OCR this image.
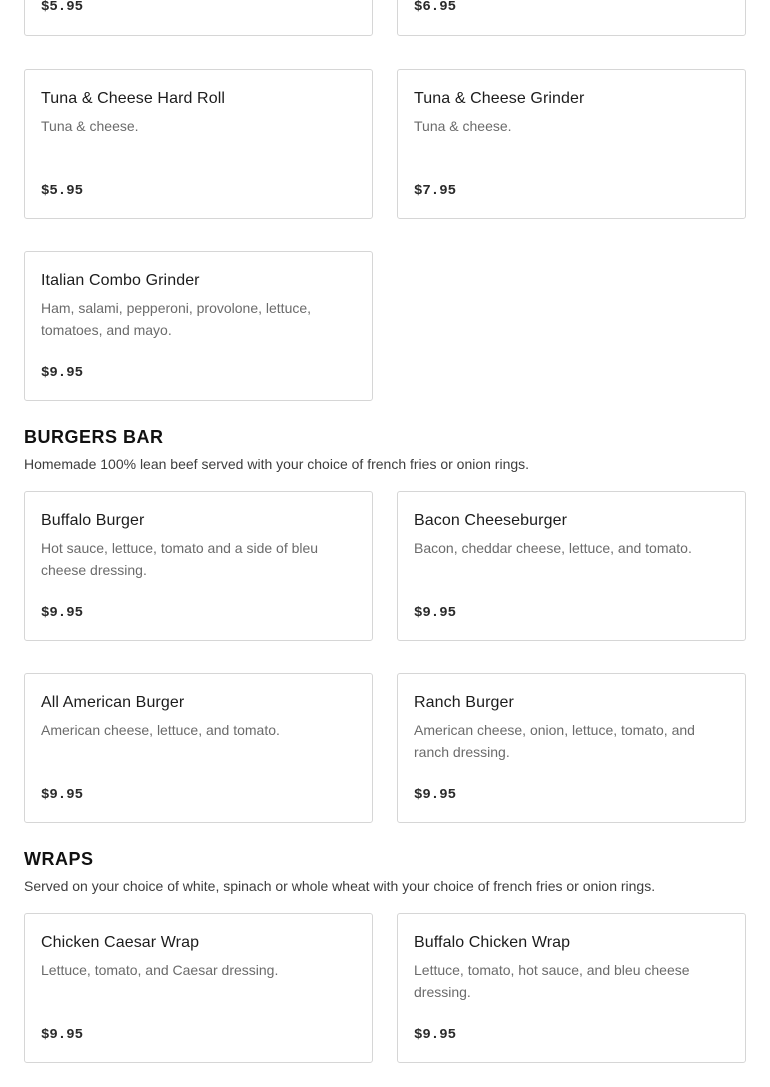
$5.95	$6.95
Tuna & Cheese Hard Roll
Tuna & cheese.
$5.95
Tuna & Cheese Grinder
Tuna & cheese.
$7.95
Italian Combo Grinder
Ham, salami, pepperoni, provolone, lettuce, tomatoes, and mayo.
$9.95
BURGERS BAR

Homemade 100% lean beef served with your choice of french fries or onion rings.

Buffalo Burger
Hot sauce, lettuce, tomato and a side of bleu cheese dressing.
$9.95
Bacon Cheeseburger
Bacon, cheddar cheese, lettuce, and tomato.
$9.95
All American Burger
American cheese, lettuce, and tomato.
$9.95
Ranch Burger
American cheese, onion, lettuce, tomato, and ranch dressing.
$9.95
WRAPS

Served on your choice of white, spinach or whole wheat with your choice of french fries or onion rings.

Chicken Caesar Wrap
Lettuce, tomato, and Caesar dressing.
$9.95
Buffalo Chicken Wrap
Lettuce, tomato, hot sauce, and bleu cheese dressing.
$9.95
